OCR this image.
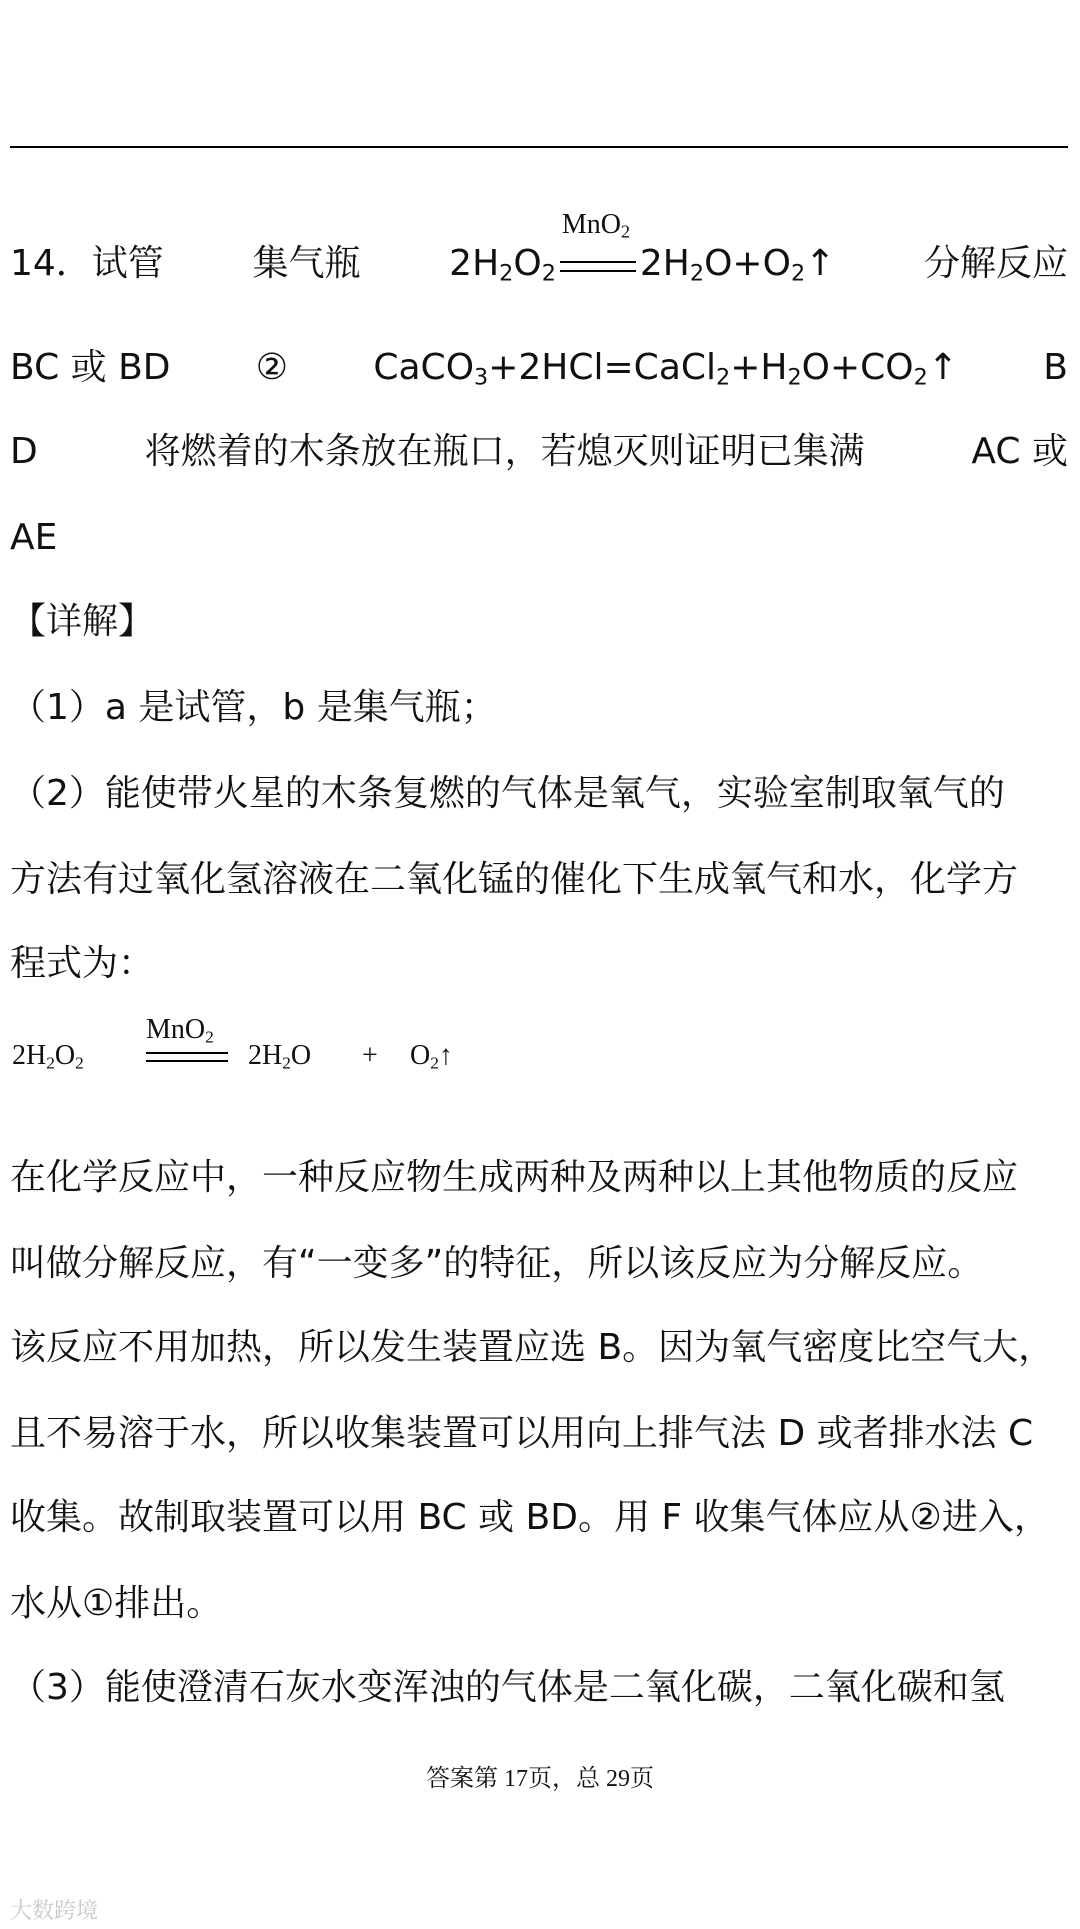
14．试管 集气瓶 $2H_2O_2$
MnO$_2$
$2H_2O+O_2↑$ 分解反应
BC 或 BD ② $CaCO_3+2HCl=CaCl_2+H_2O+CO_2↑$ B
D	将燃着的木条放在瓶口，若熄灭则证明已集满	AC 或
AE
【详解】
（1）a 是试管，b 是集气瓶；
（2）能使带火星的木条复燃的气体是氧气，实验室制取氧气的
方法有过氧化氢溶液在二氧化锰的催化下生成氧气和水，化学方
程式为：
$2H_2O_2$
MnO$_2$
$2H_2O$ + $O_2↑$
在化学反应中，一种反应物生成两种及两种以上其他物质的反应
叫做分解反应，有“一变多”的特征，所以该反应为分解反应。
该反应不用加热，所以发生装置应选 B。因为氧气密度比空气大，
且不易溶于水，所以收集装置可以用向上排气法 D 或者排水法 C
收集。故制取装置可以用 BC 或 BD。用 F 收集气体应从②进入，
水从①排出。
（3）能使澄清石灰水变浑浊的气体是二氧化碳，二氧化碳和氢
答案第 17页，总 29页
大数跨境
